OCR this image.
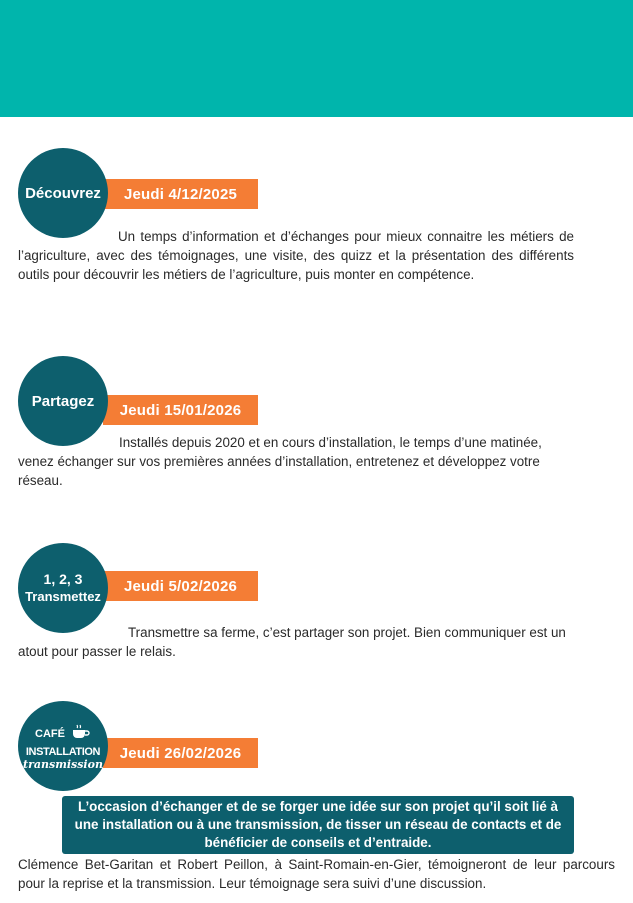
Découvrez Jeudi 4/12/2025
Un temps d’information et d’échanges pour mieux connaitre les métiers de l’agriculture, avec des témoignages, une visite, des quizz et la présentation des différents outils pour découvrir les métiers de l’agriculture, puis monter en compétence.
Partagez
Jeudi 15/01/2026
Installés depuis 2020 et en cours d’installation, le temps d’une matinée, venez échanger sur vos premières années d’installation, entretenez et développez votre réseau.
1, 2, 3
Transmettez
Jeudi 5/02/2026
Transmettre sa ferme, c’est partager son projet. Bien communiquer est un atout pour passer le relais.
CAFÉ
INSTALLATION
transmission
Jeudi 26/02/2026
L’occasion d’échanger et de se forger une idée sur son projet qu’il soit lié à une installation ou à une transmission, de tisser un réseau de contacts et de bénéficier de conseils et d’entraide.
Clémence Bet-Garitan et Robert Peillon, à Saint-Romain-en-Gier, témoigneront de leur parcours pour la reprise et la transmission. Leur témoignage sera suivi d’une discussion.
